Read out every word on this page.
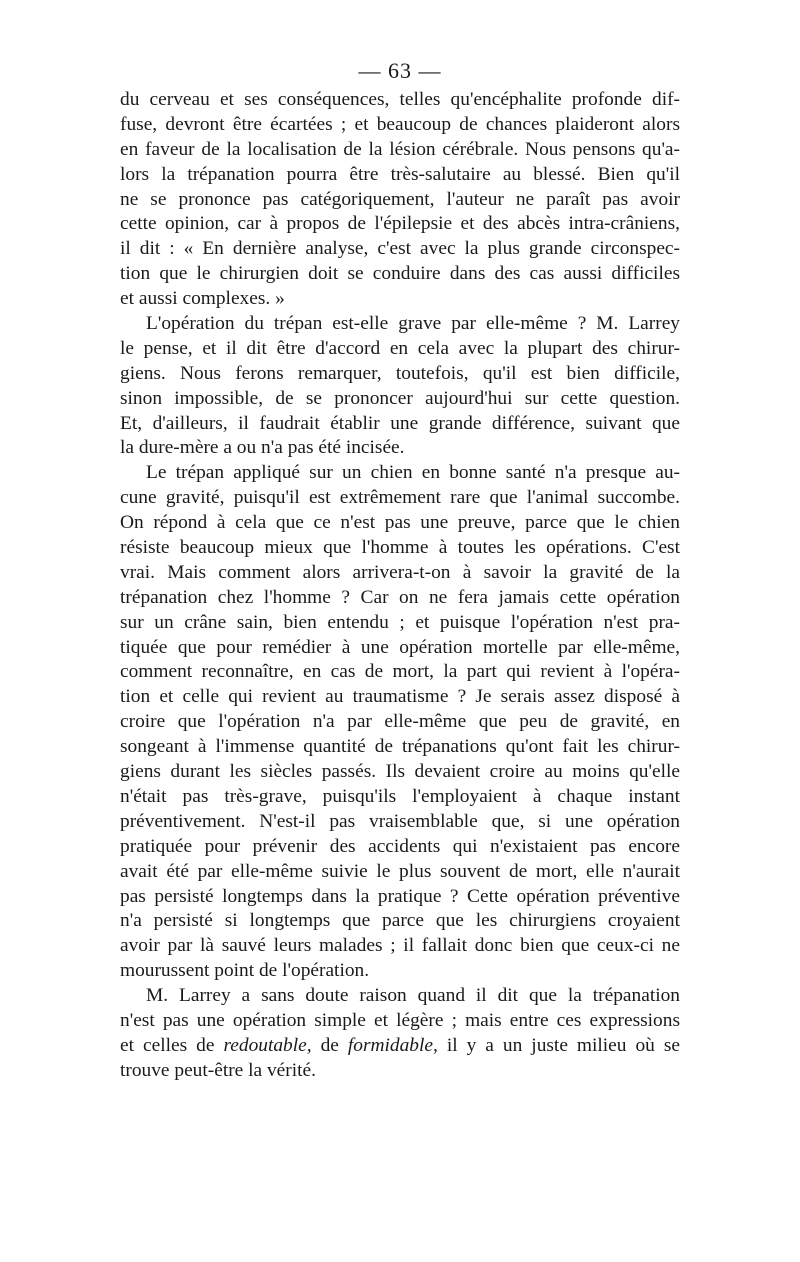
— 63 —
du cerveau et ses conséquences, telles qu'encéphalite profonde dif-
fuse, devront être écartées ; et beaucoup de chances plaideront alors
en faveur de la localisation de la lésion cérébrale. Nous pensons qu'a-
lors la trépanation pourra être très-salutaire au blessé. Bien qu'il
ne se prononce pas catégoriquement, l'auteur ne paraît pas avoir
cette opinion, car à propos de l'épilepsie et des abcès intra-crâniens,
il dit : « En dernière analyse, c'est avec la plus grande circonspec-
tion que le chirurgien doit se conduire dans des cas aussi difficiles
et aussi complexes. »
L'opération du trépan est-elle grave par elle-même ? M. Larrey
le pense, et il dit être d'accord en cela avec la plupart des chirur-
giens. Nous ferons remarquer, toutefois, qu'il est bien difficile,
sinon impossible, de se prononcer aujourd'hui sur cette question.
Et, d'ailleurs, il faudrait établir une grande différence, suivant que
la dure-mère a ou n'a pas été incisée.
Le trépan appliqué sur un chien en bonne santé n'a presque au-
cune gravité, puisqu'il est extrêmement rare que l'animal succombe.
On répond à cela que ce n'est pas une preuve, parce que le chien
résiste beaucoup mieux que l'homme à toutes les opérations. C'est
vrai. Mais comment alors arrivera-t-on à savoir la gravité de la
trépanation chez l'homme ? Car on ne fera jamais cette opération
sur un crâne sain, bien entendu ; et puisque l'opération n'est pra-
tiquée que pour remédier à une opération mortelle par elle-même,
comment reconnaître, en cas de mort, la part qui revient à l'opéra-
tion et celle qui revient au traumatisme ? Je serais assez disposé à
croire que l'opération n'a par elle-même que peu de gravité, en
songeant à l'immense quantité de trépanations qu'ont fait les chirur-
giens durant les siècles passés. Ils devaient croire au moins qu'elle
n'était pas très-grave, puisqu'ils l'employaient à chaque instant
préventivement. N'est-il pas vraisemblable que, si une opération
pratiquée pour prévenir des accidents qui n'existaient pas encore
avait été par elle-même suivie le plus souvent de mort, elle n'aurait
pas persisté longtemps dans la pratique ? Cette opération préventive
n'a persisté si longtemps que parce que les chirurgiens croyaient
avoir par là sauvé leurs malades ; il fallait donc bien que ceux-ci ne
mourussent point de l'opération.
M. Larrey a sans doute raison quand il dit que la trépanation
n'est pas une opération simple et légère ; mais entre ces expressions
et celles de redoutable, de formidable, il y a un juste milieu où se
trouve peut-être la vérité.
